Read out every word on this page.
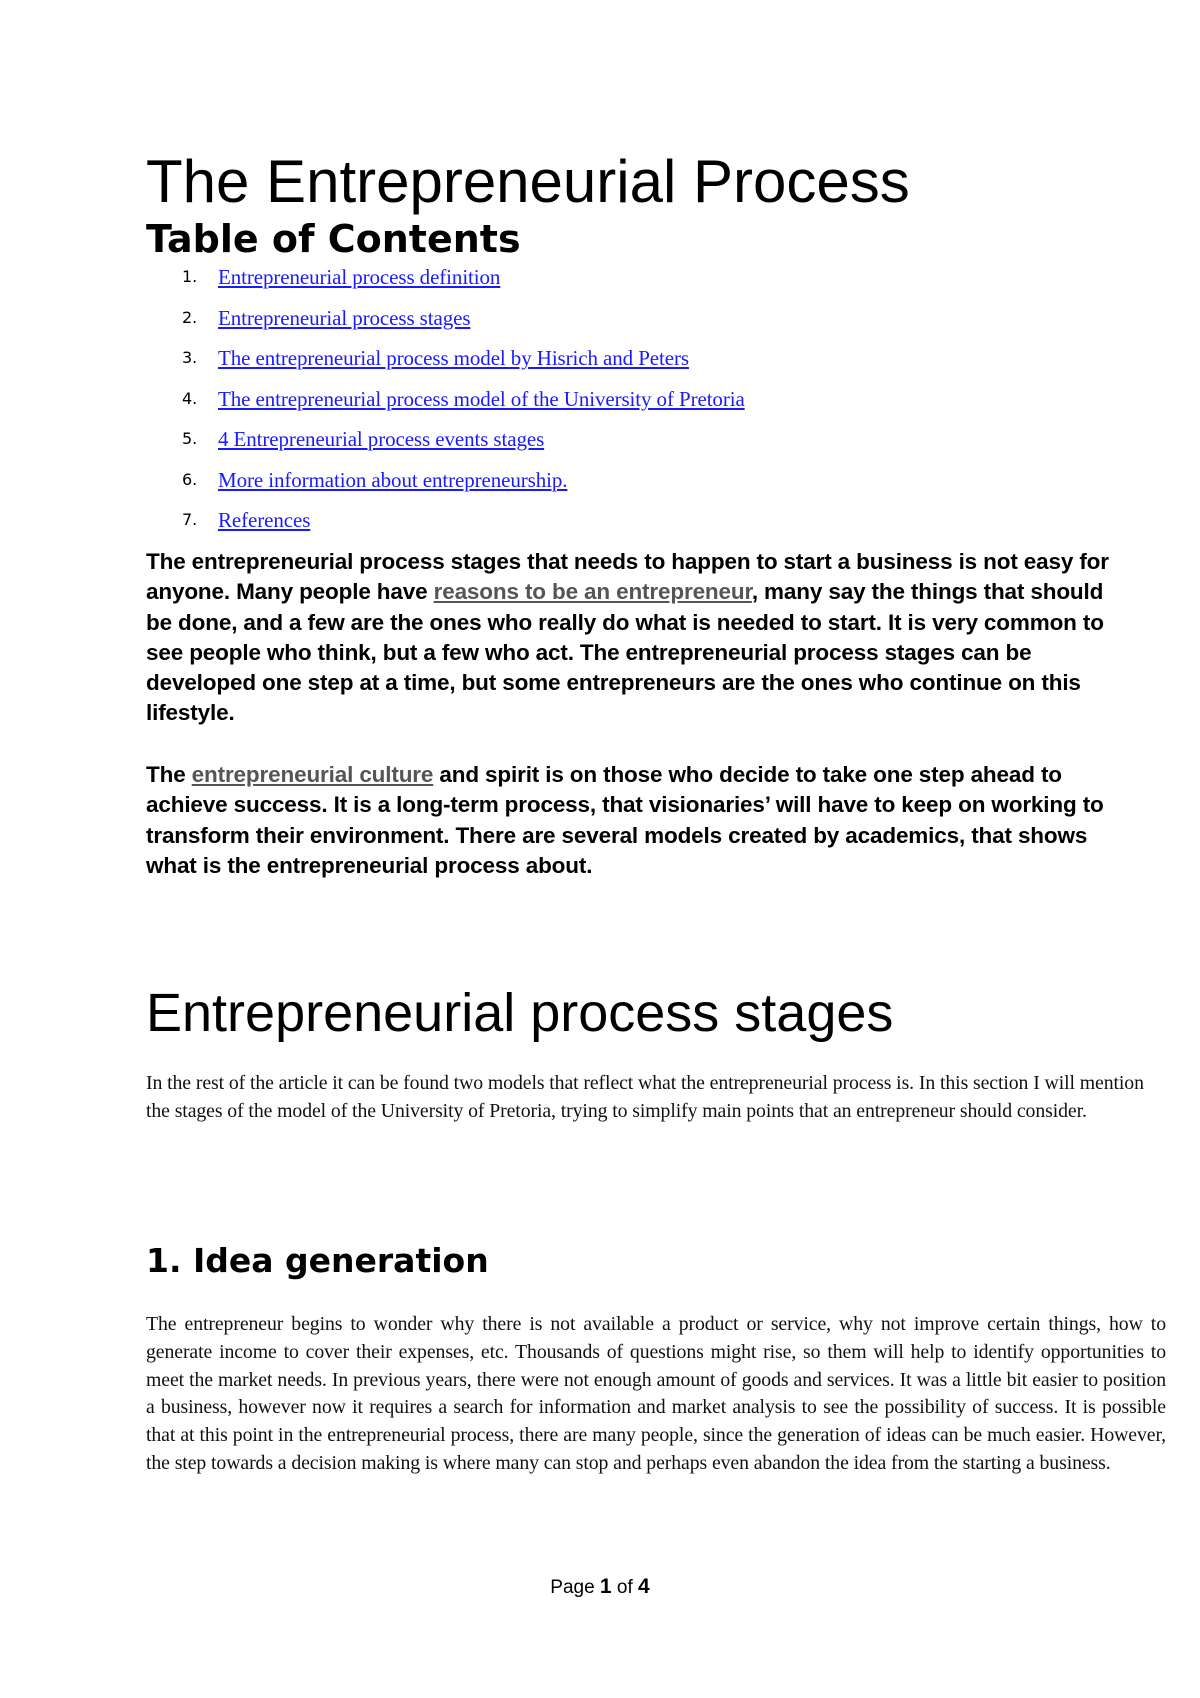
The Entrepreneurial Process
Table of Contents
1. Entrepreneurial process definition
2. Entrepreneurial process stages
3. The entrepreneurial process model by Hisrich and Peters
4. The entrepreneurial process model of the University of Pretoria
5. 4 Entrepreneurial process events stages
6. More information about entrepreneurship.
7. References

The entrepreneurial process stages that needs to happen to start a business is not easy for anyone. Many people have reasons to be an entrepreneur, many say the things that should be done, and a few are the ones who really do what is needed to start. It is very common to see people who think, but a few who act. The entrepreneurial process stages can be developed one step at a time, but some entrepreneurs are the ones who continue on this lifestyle.

The entrepreneurial culture and spirit is on those who decide to take one step ahead to achieve success. It is a long-term process, that visionaries’ will have to keep on working to transform their environment. There are several models created by academics, that shows what is the entrepreneurial process about.

Entrepreneurial process stages

In the rest of the article it can be found two models that reflect what the entrepreneurial process is. In this section I will mention the stages of the model of the University of Pretoria, trying to simplify main points that an entrepreneur should consider.

1. Idea generation

The entrepreneur begins to wonder why there is not available a product or service, why not improve certain things, how to generate income to cover their expenses, etc. Thousands of questions might rise, so them will help to identify opportunities to meet the market needs. In previous years, there were not enough amount of goods and services. It was a little bit easier to position a business, however now it requires a search for information and market analysis to see the possibility of success. It is possible that at this point in the entrepreneurial process, there are many people, since the generation of ideas can be much easier. However, the step towards a decision making is where many can stop and perhaps even abandon the idea from the starting a business.

Page 1 of 4
